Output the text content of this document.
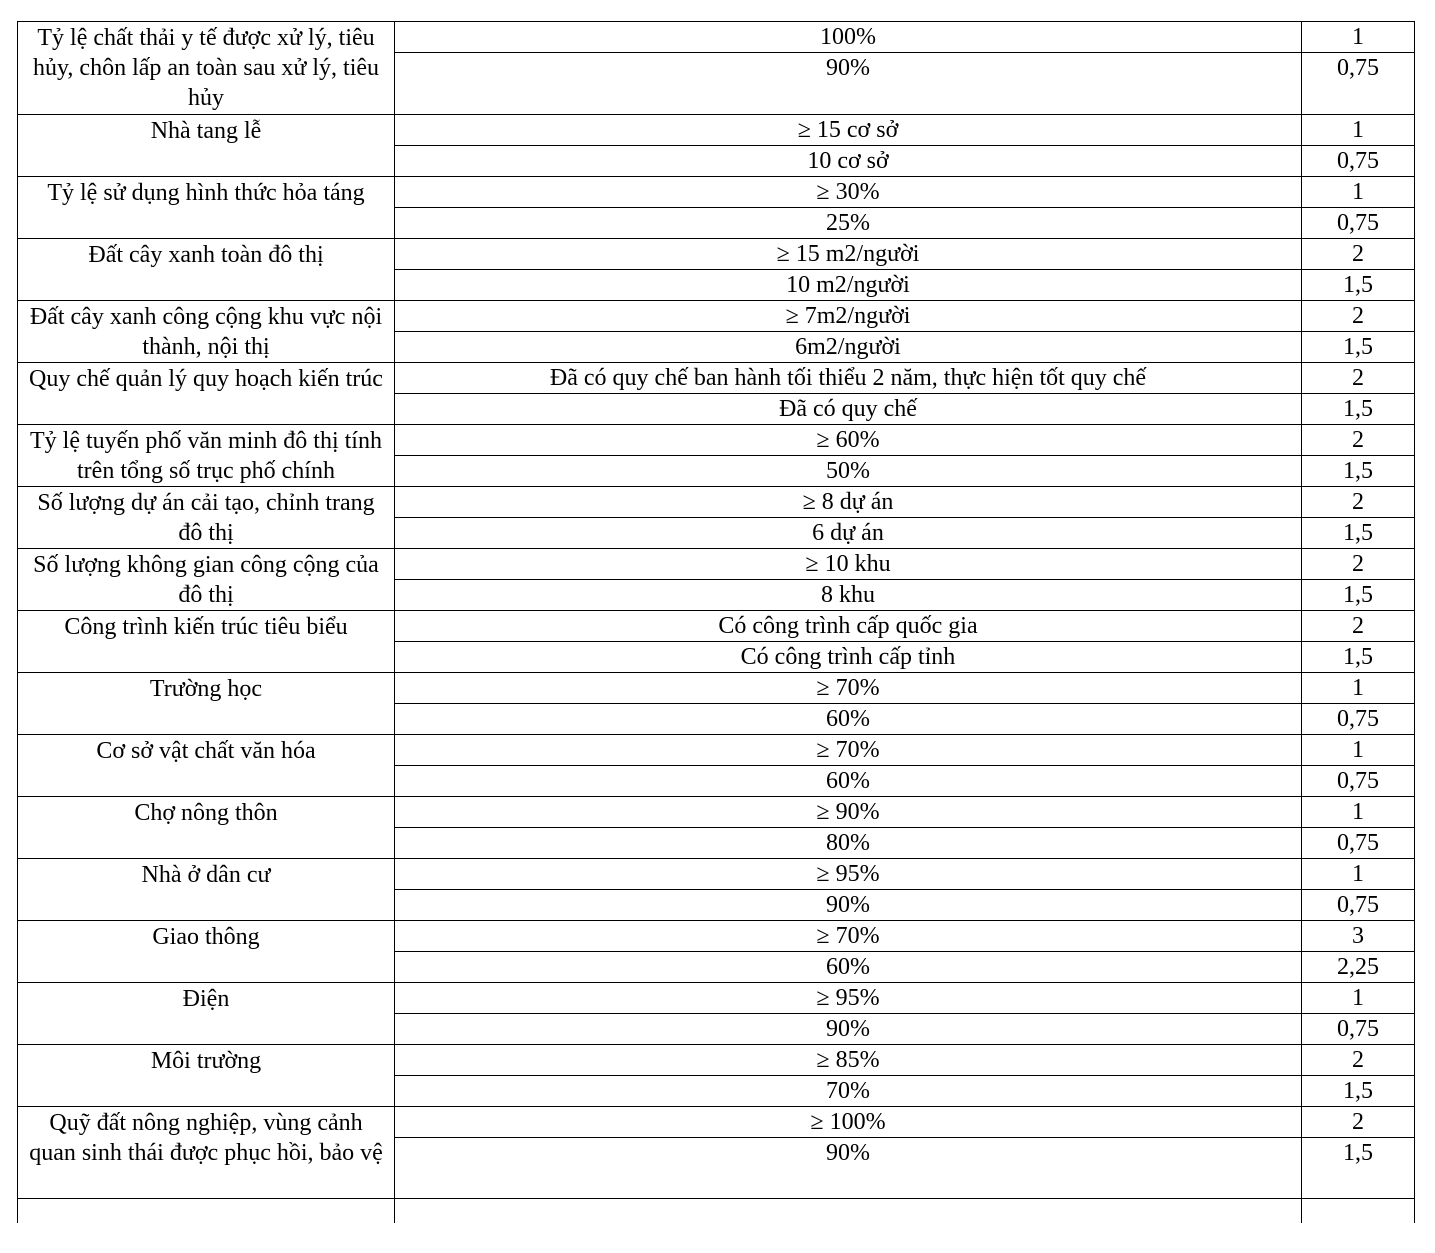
Tỷ lệ chất thải y tế được xử lý, tiêu hủy, chôn lấp an toàn sau xử lý, tiêu hủy	100%	1
	90%	0,75
Nhà tang lễ	≥ 15 cơ sở	1
	10 cơ sở	0,75
Tỷ lệ sử dụng hình thức hỏa táng	≥ 30%	1
	25%	0,75
Đất cây xanh toàn đô thị	≥ 15 m2/người	2
	10 m2/người	1,5
Đất cây xanh công cộng khu vực nội thành, nội thị	≥ 7m2/người	2
	6m2/người	1,5
Quy chế quản lý quy hoạch kiến trúc	Đã có quy chế ban hành tối thiểu 2 năm, thực hiện tốt quy chế	2
	Đã có quy chế	1,5
Tỷ lệ tuyến phố văn minh đô thị tính trên tổng số trục phố chính	≥ 60%	2
	50%	1,5
Số lượng dự án cải tạo, chỉnh trang đô thị	≥ 8 dự án	2
	6 dự án	1,5
Số lượng không gian công cộng của đô thị	≥ 10 khu	2
	8 khu	1,5
Công trình kiến trúc tiêu biểu	Có công trình cấp quốc gia	2
	Có công trình cấp tỉnh	1,5
Trường học	≥ 70%	1
	60%	0,75
Cơ sở vật chất văn hóa	≥ 70%	1
	60%	0,75
Chợ nông thôn	≥ 90%	1
	80%	0,75
Nhà ở dân cư	≥ 95%	1
	90%	0,75
Giao thông	≥ 70%	3
	60%	2,25
Điện	≥ 95%	1
	90%	0,75
Môi trường	≥ 85%	2
	70%	1,5
Quỹ đất nông nghiệp, vùng cảnh quan sinh thái được phục hồi, bảo vệ	≥ 100%	2
	90%	1,5
